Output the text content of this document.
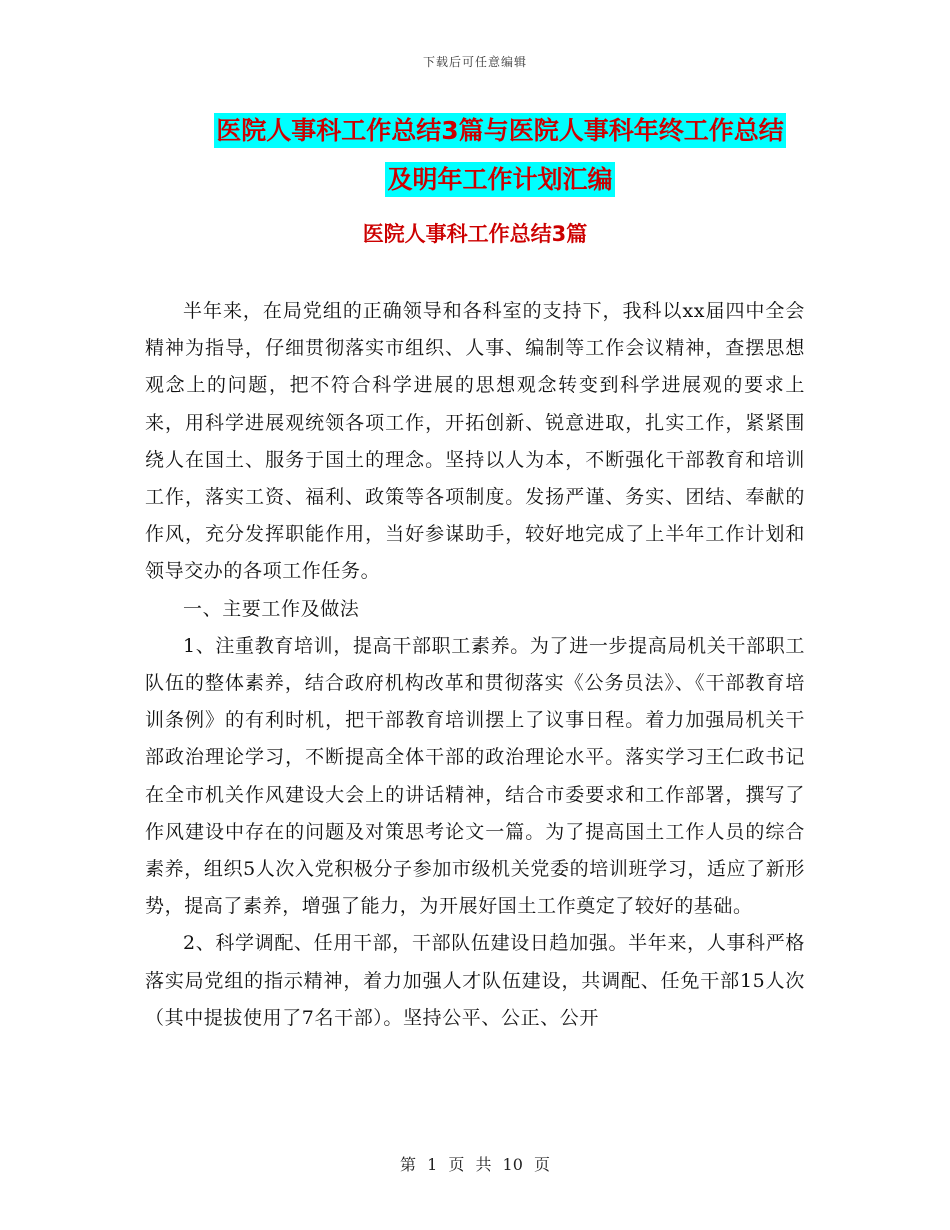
下载后可任意编辑
医院人事科工作总结3篇与医院人事科年终工作总结
及明年工作计划汇编
医院人事科工作总结3篇

半年来，在局党组的正确领导和各科室的支持下，我科以xx届四中全会精神为指导，仔细贯彻落实市组织、人事、编制等工作会议精神，查摆思想观念上的问题，把不符合科学进展的思想观念转变到科学进展观的要求上来，用科学进展观统领各项工作，开拓创新、锐意进取，扎实工作，紧紧围绕人在国土、服务于国土的理念。坚持以人为本，不断强化干部教育和培训工作，落实工资、福利、政策等各项制度。发扬严谨、务实、团结、奉献的作风，充分发挥职能作用，当好参谋助手，较好地完成了上半年工作计划和领导交办的各项工作任务。

一、主要工作及做法

1、注重教育培训，提高干部职工素养。为了进一步提高局机关干部职工队伍的整体素养，结合政府机构改革和贯彻落实《公务员法》、《干部教育培训条例》的有利时机，把干部教育培训摆上了议事日程。着力加强局机关干部政治理论学习，不断提高全体干部的政治理论水平。落实学习王仁政书记在全市机关作风建设大会上的讲话精神，结合市委要求和工作部署，撰写了作风建设中存在的问题及对策思考论文一篇。为了提高国土工作人员的综合素养，组织5人次入党积极分子参加市级机关党委的培训班学习，适应了新形势，提高了素养，增强了能力，为开展好国土工作奠定了较好的基础。

2、科学调配、任用干部，干部队伍建设日趋加强。半年来，人事科严格落实局党组的指示精神，着力加强人才队伍建设，共调配、任免干部15人次（其中提拔使用了7名干部）。坚持公平、公正、公开

第 1 页 共 10 页
